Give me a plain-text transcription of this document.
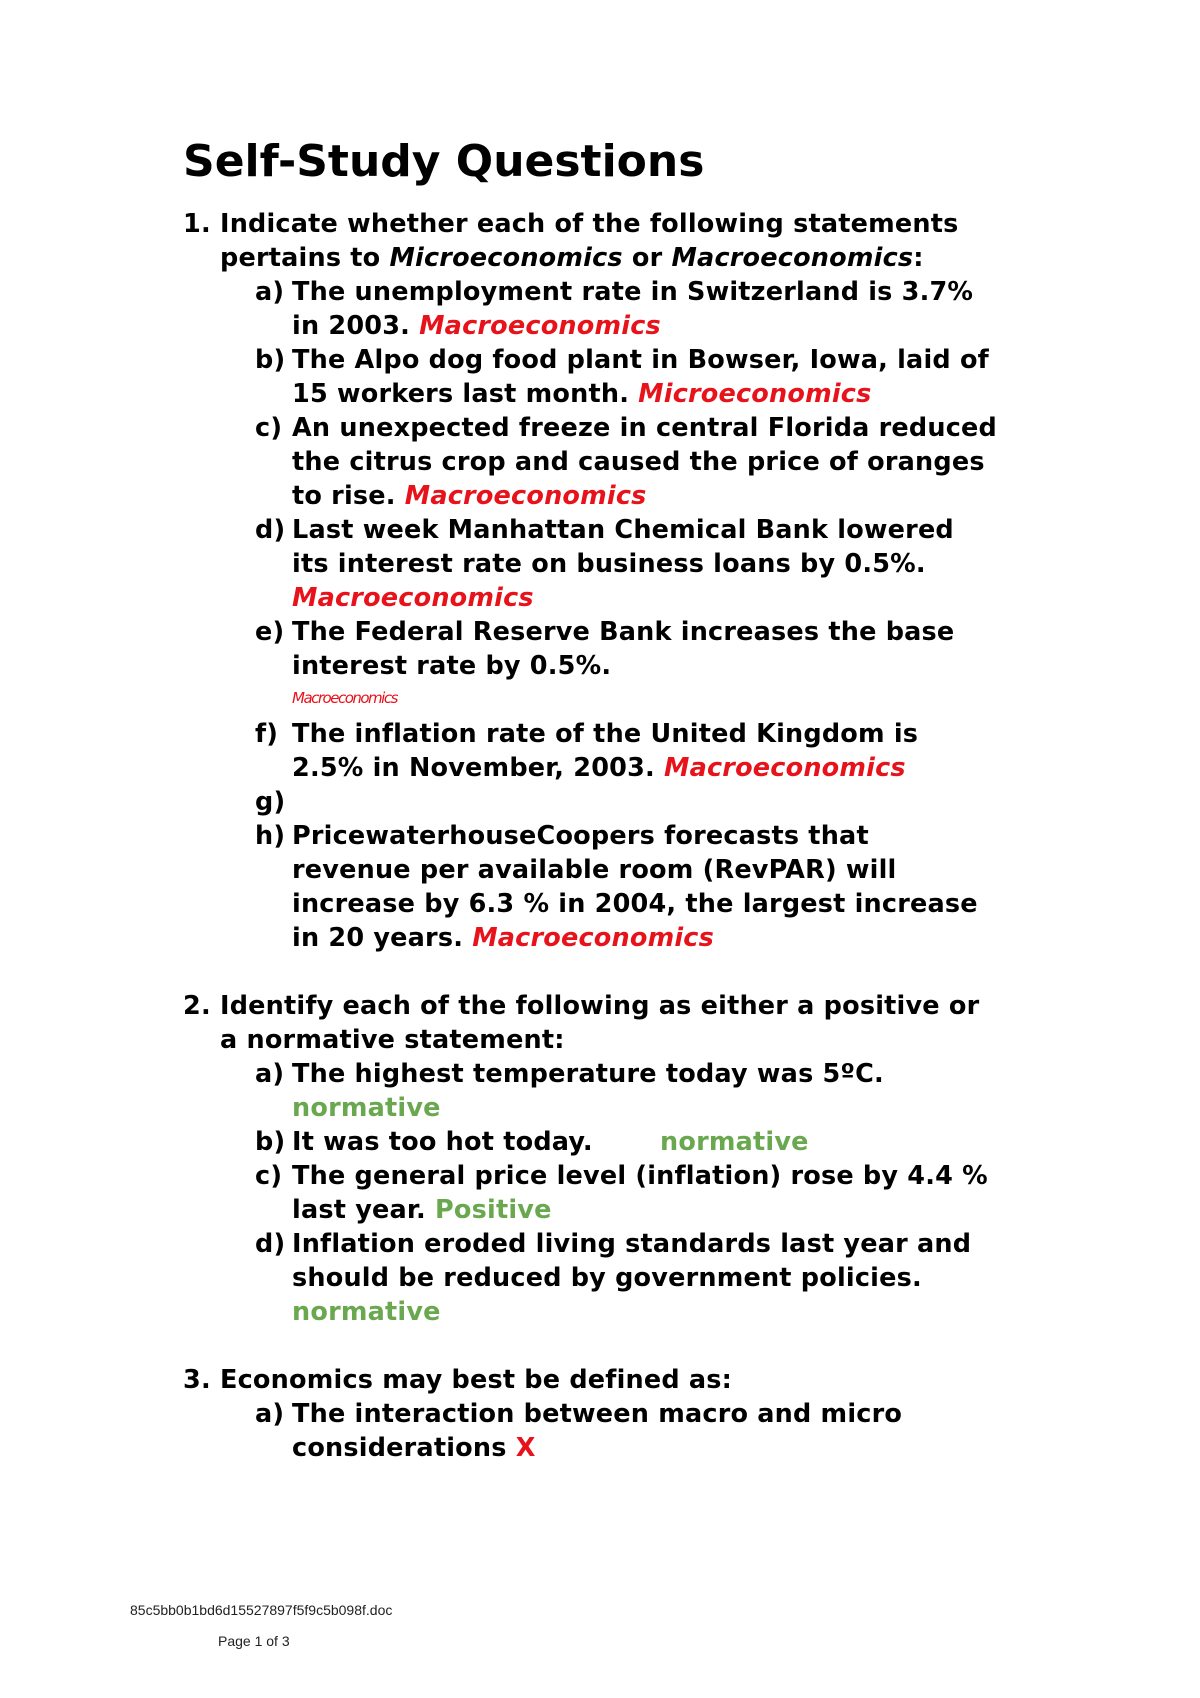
Self-Study Questions
1. Indicate whether each of the following statements
pertains to Microeconomics or Macroeconomics:
a) The unemployment rate in Switzerland is 3.7%
in 2003. Macroeconomics
b) The Alpo dog food plant in Bowser, Iowa, laid of
15 workers last month. Microeconomics
c) An unexpected freeze in central Florida reduced
the citrus crop and caused the price of oranges
to rise. Macroeconomics
d) Last week Manhattan Chemical Bank lowered
its interest rate on business loans by 0.5%.
Macroeconomics
e) The Federal Reserve Bank increases the base
interest rate by 0.5%.
Macroeconomics
f) The inflation rate of the United Kingdom is
2.5% in November, 2003. Macroeconomics
g)
h) PricewaterhouseCoopers forecasts that
revenue per available room (RevPAR) will
increase by 6.3 % in 2004, the largest increase
in 20 years. Macroeconomics
2. Identify each of the following as either a positive or
a normative statement:
a) The highest temperature today was 5ºC.
normative
b) It was too hot today.	normative
c) The general price level (inflation) rose by 4.4 %
last year. Positive
d) Inflation eroded living standards last year and
should be reduced by government policies.
normative
3. Economics may best be defined as:
a) The interaction between macro and micro
considerations X
85c5bb0b1bd6d15527897f5f9c5b098f.doc
Page 1 of 3
